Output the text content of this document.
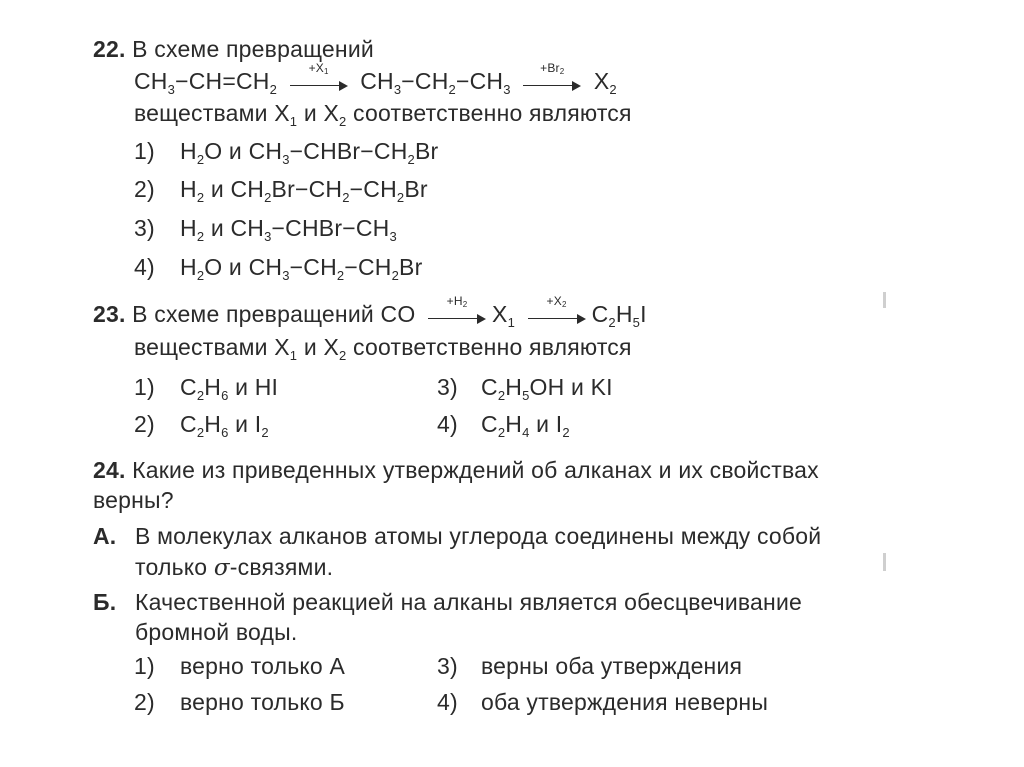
22. В схеме превращений
$CH_3-CH=CH_2$
$+X_1$	$CH_3-CH_2-CH_3$
$+Br_2$	$X_2$
веществами $X_1$ и $X_2$ соответственно являются
1) $H_2O$ и $CH_3-CHBr-CH_2Br$
2) $H_2$ и $CH_2Br-CH_2-CH_2Br$
3) $H_2$ и $CH_3-CHBr-CH_3$
4) $H_2O$ и $CH_3-CH_2-CH_2Br$
23. В схеме превращений CO
$+H_2$	$X_1$
$+X_2$	$C_2H_5I$
веществами $X_1$ и $X_2$ соответственно являются
1) $C_2H_6$ и HI	3) $C_2H_5OH$ и KI
2) $C_2H_6$ и $I_2$	4) $C_2H_4$ и $I_2$
24. Какие из приведенных утверждений об алканах и их свойствах
верны?
А. В молекулах алканов атомы углерода соединены между собой
только σ-связями.
Б. Качественной реакцией на алканы является обесцвечивание
бромной воды.
1) верно только А	3) верны оба утверждения
2) верно только Б	4) оба утверждения неверны
